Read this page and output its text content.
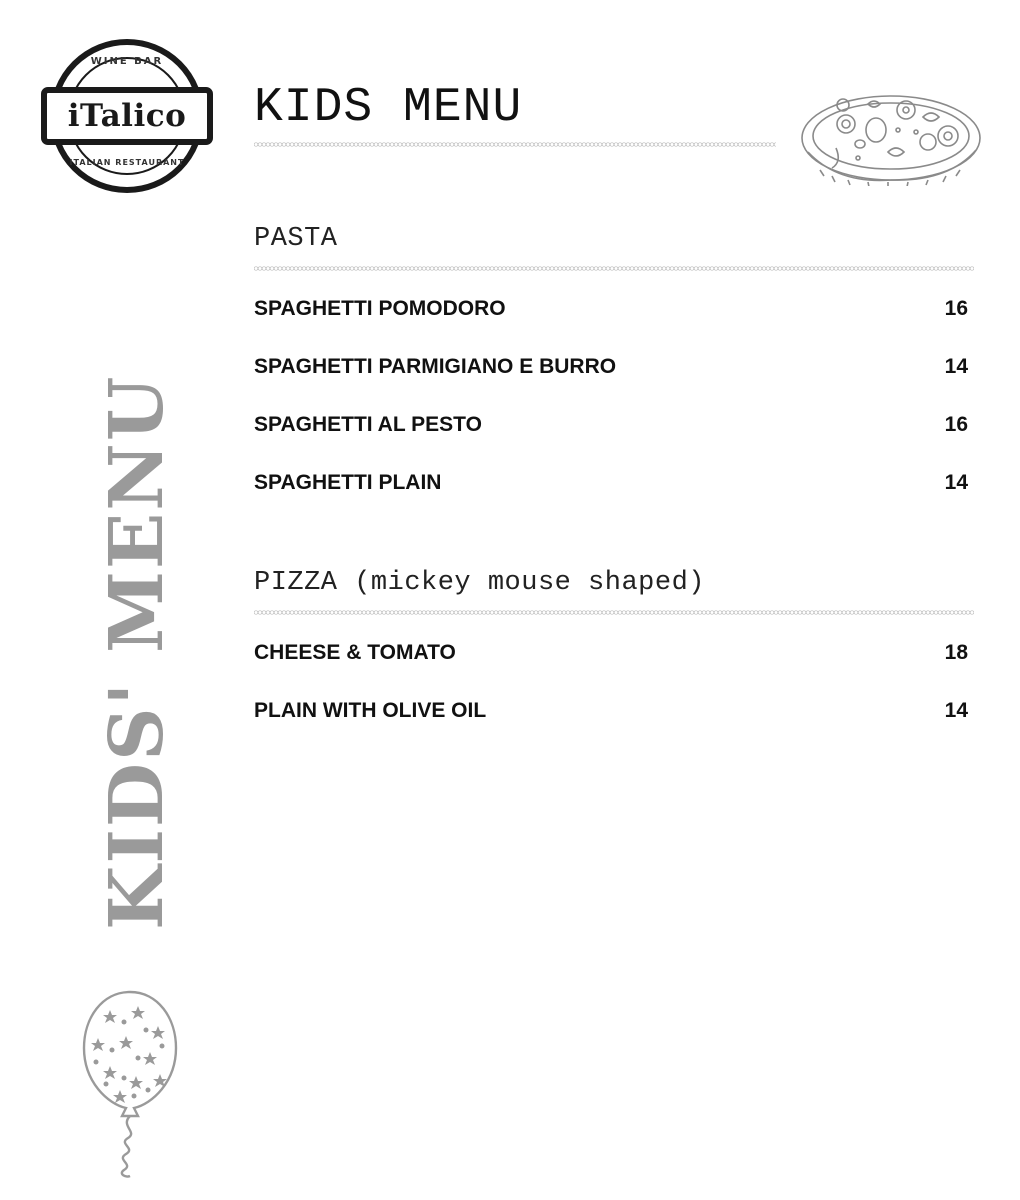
WINE BAR
iTalico
ITALIAN RESTAURANT
KIDS MENU
KIDS' MENU
PASTA
SPAGHETTI POMODORO	16
SPAGHETTI PARMIGIANO E BURRO	14
SPAGHETTI AL PESTO	16
SPAGHETTI PLAIN	14
PIZZA (mickey mouse shaped)
CHEESE & TOMATO	18
PLAIN WITH OLIVE OIL	14
